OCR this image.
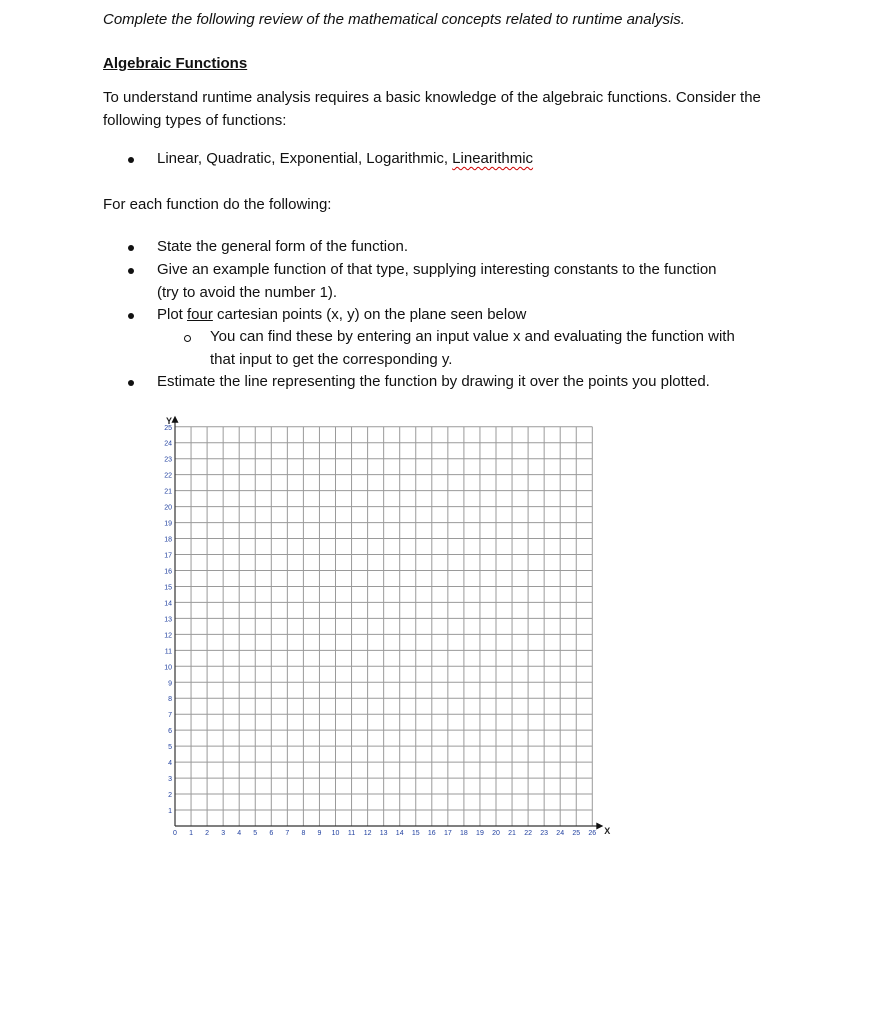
Complete the following review of the mathematical concepts related to runtime analysis.
Algebraic Functions
To understand runtime analysis requires a basic knowledge of the algebraic functions. Consider the following types of functions:
Linear, Quadratic, Exponential, Logarithmic, Linearithmic
For each function do the following:
State the general form of the function.
Give an example function of that type, supplying interesting constants to the function
(try to avoid the number 1).
Plot four cartesian points (x, y) on the plane seen below
You can find these by entering an input value x and evaluating the function with
that input to get the corresponding y.
Estimate the line representing the function by drawing it over the points you plotted.
Y
X
0 1 2 3 4 5 6 7 8 9 10 11 12 13 14 15 16 17 18 19 20 21 22 23 24 25 26
1
2
3
4
5
6
7
8
9
10
11
12
13
14
15
16
17
18
19
20
21
22
23
24
25
